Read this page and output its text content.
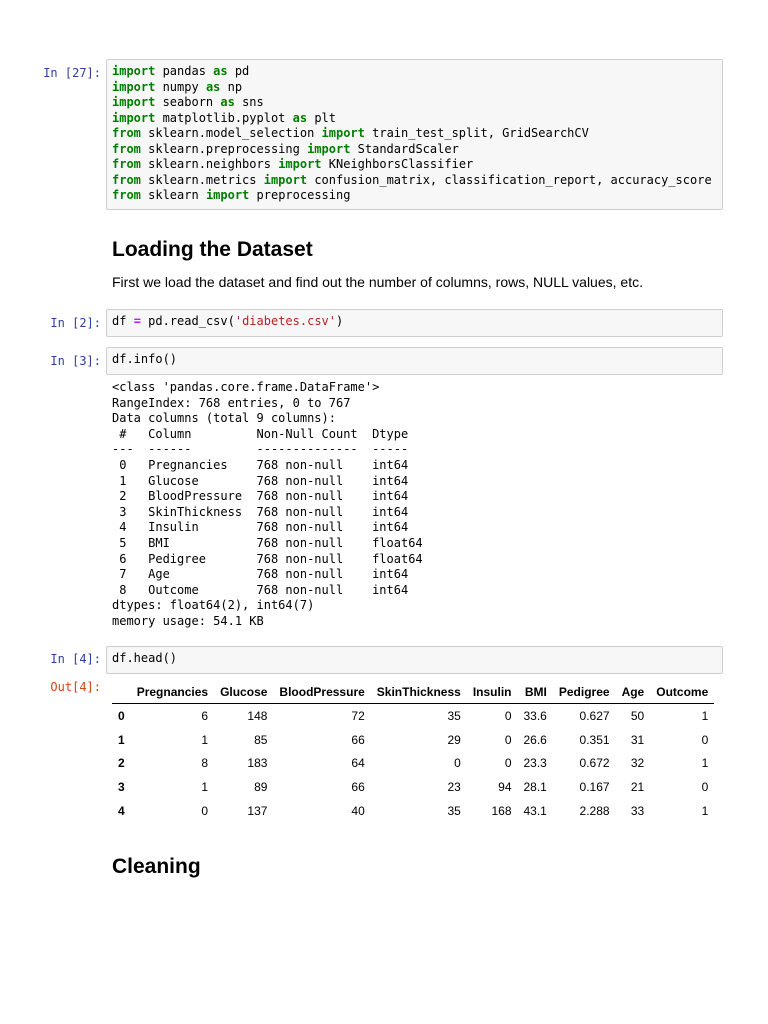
In [27]: import pandas as pd
import numpy as np
import seaborn as sns
import matplotlib.pyplot as plt
from sklearn.model_selection import train_test_split, GridSearchCV
from sklearn.preprocessing import StandardScaler
from sklearn.neighbors import KNeighborsClassifier
from sklearn.metrics import confusion_matrix, classification_report, accuracy_score
from sklearn import preprocessing
Loading the Dataset

First we load the dataset and find out the number of columns, rows, NULL values, etc.

In [2]: df = pd.read_csv('diabetes.csv')
In [3]: df.info()
<class 'pandas.core.frame.DataFrame'>
RangeIndex: 768 entries, 0 to 767
Data columns (total 9 columns):
#   Column         Non-Null Count  Dtype
---  ------         --------------  -----
0   Pregnancies    768 non-null    int64
1   Glucose        768 non-null    int64
2   BloodPressure  768 non-null    int64
3   SkinThickness  768 non-null    int64
4   Insulin        768 non-null    int64
5   BMI            768 non-null    float64
6   Pedigree       768 non-null    float64
7   Age            768 non-null    int64
8   Outcome        768 non-null    int64
dtypes: float64(2), int64(7)
memory usage: 54.1 KB
In [4]: df.head()
Out[4]:
		Pregnancies	Glucose	BloodPressure	SkinThickness	Insulin	BMI	Pedigree	Age	Outcome
0	6	148	72	35	0	33.6	0.627	50	1
1	1	85	66	29	0	26.6	0.351	31	0
2	8	183	64	0	0	23.3	0.672	32	1
3	1	89	66	23	94	28.1	0.167	21	0
4	0	137	40	35	168	43.1	2.288	33	1
Cleaning
